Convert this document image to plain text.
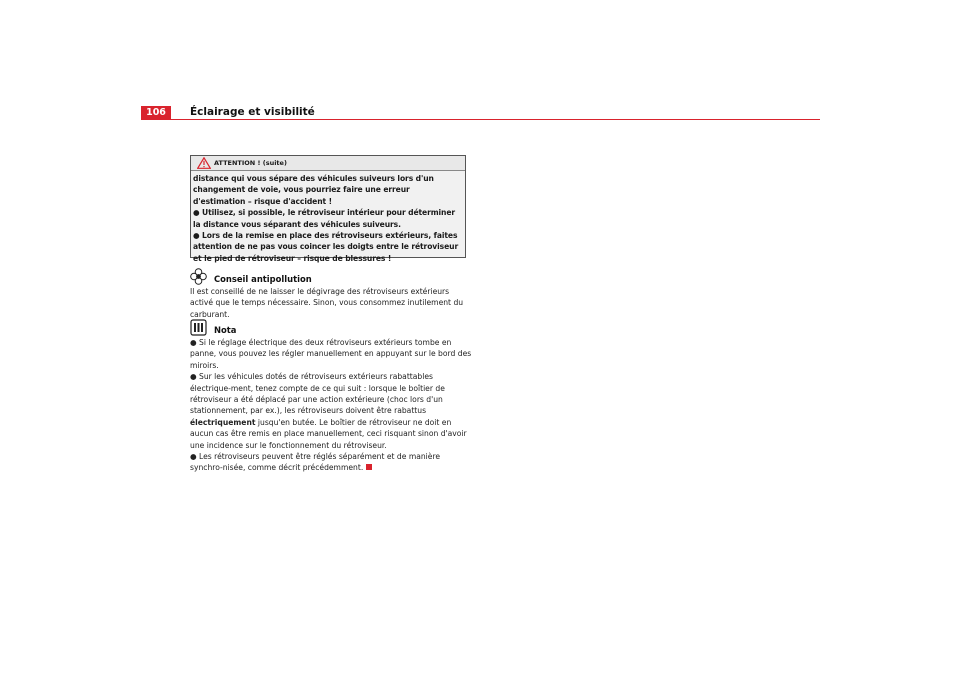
106	Éclairage et visibilité
ATTENTION ! (suite)

distance qui vous sépare des véhicules suiveurs lors d'un changement de voie, vous pourriez faire une erreur d'estimation – risque d'accident !

● Utilisez, si possible, le rétroviseur intérieur pour déterminer la distance vous séparant des véhicules suiveurs.

● Lors de la remise en place des rétroviseurs extérieurs, faites attention de ne pas vous coincer les doigts entre le rétroviseur et le pied de rétroviseur – risque de blessures !

Conseil antipollution

Il est conseillé de ne laisser le dégivrage des rétroviseurs extérieurs activé que le temps nécessaire. Sinon, vous consommez inutilement du carburant.

Nota

● Si le réglage électrique des deux rétroviseurs extérieurs tombe en panne, vous pouvez les régler manuellement en appuyant sur le bord des miroirs.

● Sur les véhicules dotés de rétroviseurs extérieurs rabattables électrique-ment, tenez compte de ce qui suit : lorsque le boîtier de rétroviseur a été déplacé par une action extérieure (choc lors d'un stationnement, par ex.), les rétroviseurs doivent être rabattus électriquement jusqu'en butée. Le boîtier de rétroviseur ne doit en aucun cas être remis en place manuellement, ceci risquant sinon d'avoir une incidence sur le fonctionnement du rétroviseur.

● Les rétroviseurs peuvent être réglés séparément et de manière synchro-nisée, comme décrit précédemment.
